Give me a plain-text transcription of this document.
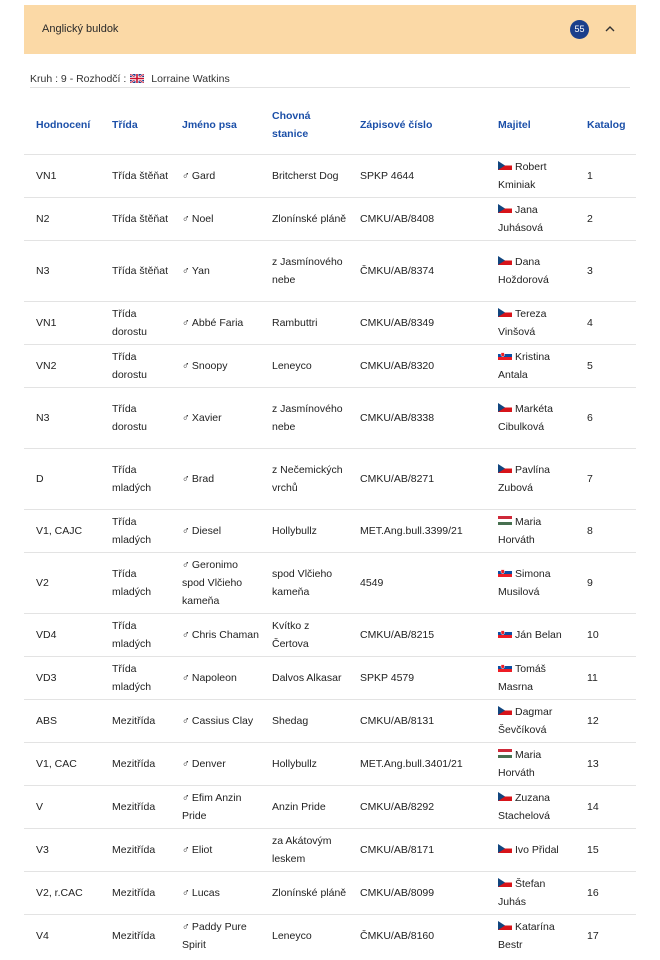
Anglický buldok	55
Kruh : 9 - Rozhodčí : Lorraine Watkins
Hodnocení	Třída	Jméno psa	Chovná stanice	Zápisové číslo	Majitel	Katalog
VN1	Třída štěňat	♂ Gard	Britcherst Dog	SPKP 4644	Robert Kminiak	1
N2	Třída štěňat	♂ Noel	Zlonínské pláně	CMKU/AB/8408	Jana Juhásová	2
N3	Třída štěňat	♂ Yan	z Jasmínového nebe	ČMKU/AB/8374	Dana Hoždorová	3
VN1	Třída dorostu	♂ Abbé Faria	Rambuttri	CMKU/AB/8349	Tereza Vinšová	4
VN2	Třída dorostu	♂ Snoopy	Leneyco	CMKU/AB/8320	Kristina Antala	5
N3	Třída dorostu	♂ Xavier	z Jasmínového nebe	CMKU/AB/8338	Markéta Cibulková	6
D	Třída mladých	♂ Brad	z Nečemických vrchů	CMKU/AB/8271	Pavlína Zubová	7
V1, CAJC	Třída mladých	♂ Diesel	Hollybullz	MET.Ang.bull.3399/21	Maria Horváth	8
V2	Třída mladých	♂ Geronimo spod Vlčieho kameňa	spod Vlčieho kameňa	4549	Simona Musilová	9
VD4	Třída mladých	♂ Chris Chaman	Kvítko z Čertova	CMKU/AB/8215	Ján Belan	10
VD3	Třída mladých	♂ Napoleon	Dalvos Alkasar	SPKP 4579	Tomáš Masrna	11
ABS	Mezitřída	♂ Cassius Clay	Shedag	CMKU/AB/8131	Dagmar Ševčíková	12
V1, CAC	Mezitřída	♂ Denver	Hollybullz	MET.Ang.bull.3401/21	Maria Horváth	13
V	Mezitřída	♂ Efim Anzin Pride	Anzin Pride	CMKU/AB/8292	Zuzana Stachelová	14
V3	Mezitřída	♂ Eliot	za Akátovým leskem	CMKU/AB/8171	Ivo Přidal	15
V2, r.CAC	Mezitřída	♂ Lucas	Zlonínské pláně	CMKU/AB/8099	Štefan Juhás	16
V4	Mezitřída	♂ Paddy Pure Spirit	Leneyco	ČMKU/AB/8160	Katarína Bestr	17
